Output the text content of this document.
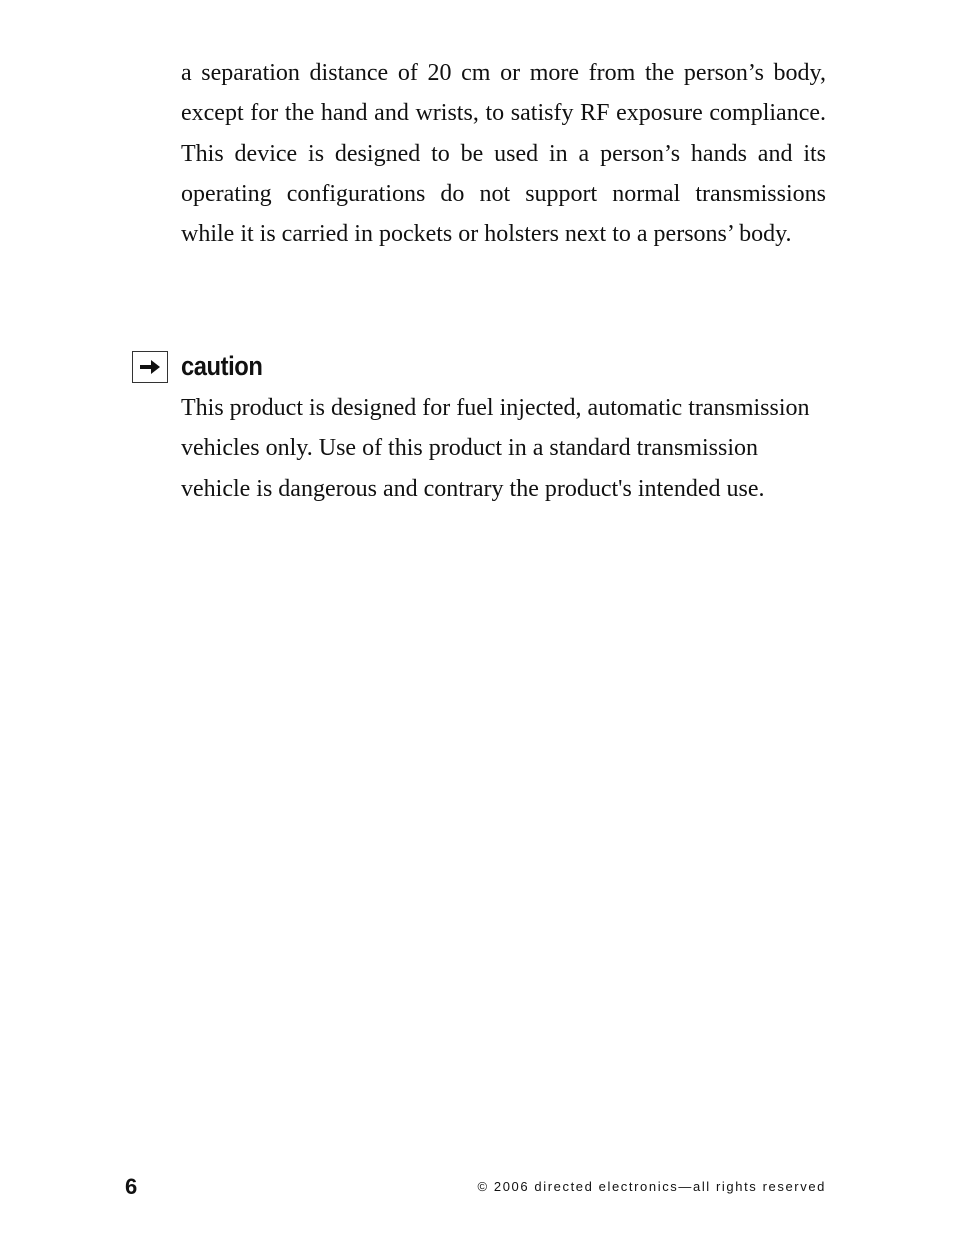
a separation distance of 20 cm or more from the person’s body, except for the hand and wrists, to satisfy RF exposure compliance. This device is designed to be used in a person’s hands and its operating configurations do not support normal transmissions while it is carried in pockets or holsters next to a persons’ body.

caution

This product is designed for fuel injected, automatic transmission vehicles only. Use of this product in a standard transmission vehicle is dangerous and contrary the product's intended use.

6	© 2006 directed electronics—all rights reserved
